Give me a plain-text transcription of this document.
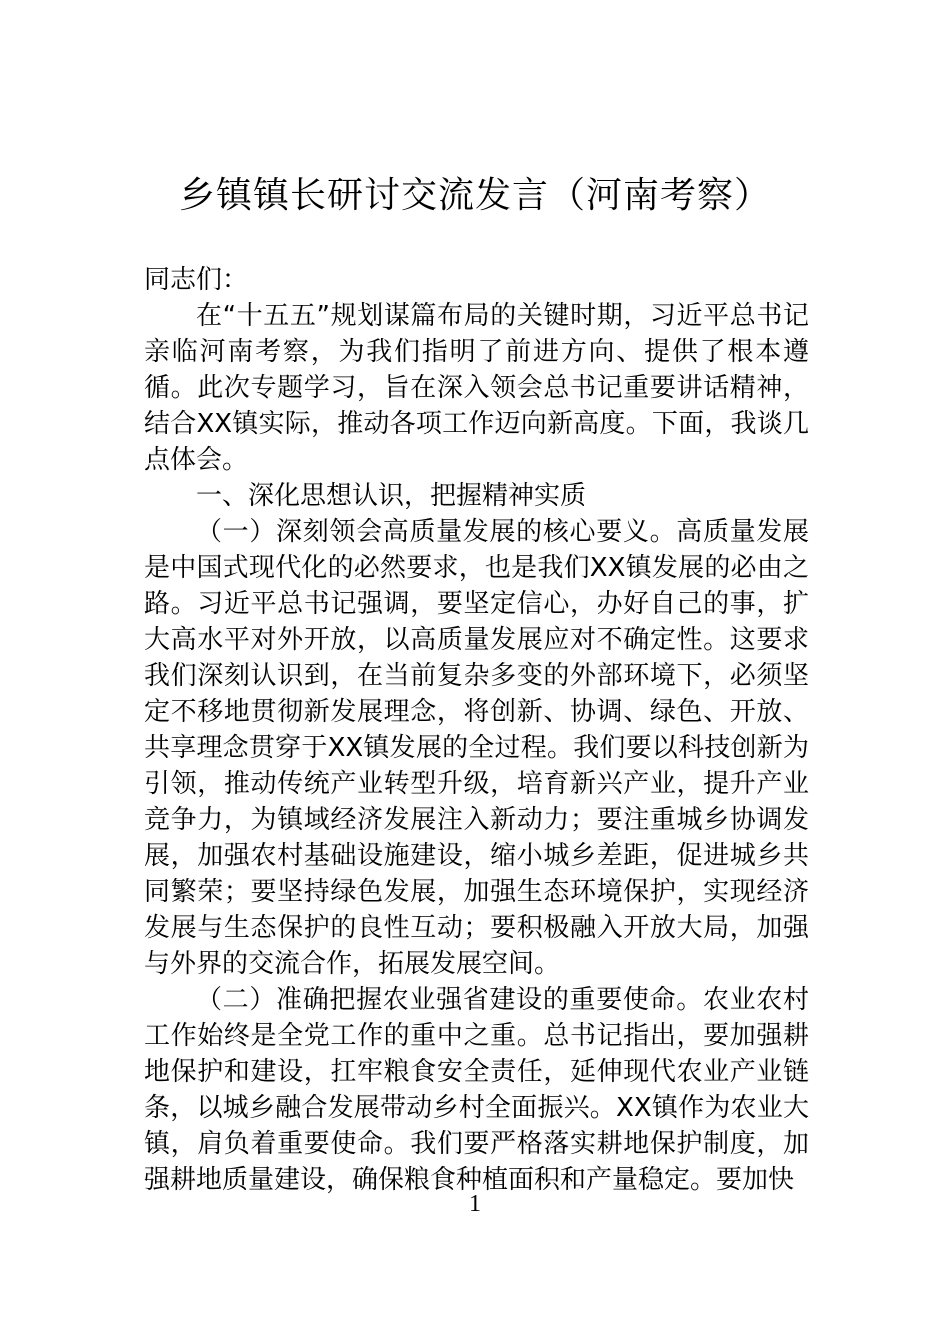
乡镇镇长研讨交流发言（河南考察）

同志们：

在“十五五”规划谋篇布局的关键时期，习近平总书记亲临河南考察，为我们指明了前进方向、提供了根本遵循。此次专题学习，旨在深入领会总书记重要讲话精神，结合XX镇实际，推动各项工作迈向新高度。下面，我谈几点体会。

一、深化思想认识，把握精神实质

（一）深刻领会高质量发展的核心要义。高质量发展是中国式现代化的必然要求，也是我们XX镇发展的必由之路。习近平总书记强调，要坚定信心，办好自己的事，扩大高水平对外开放，以高质量发展应对不确定性。这要求我们深刻认识到，在当前复杂多变的外部环境下，必须坚定不移地贯彻新发展理念，将创新、协调、绿色、开放、共享理念贯穿于XX镇发展的全过程。我们要以科技创新为引领，推动传统产业转型升级，培育新兴产业，提升产业竞争力，为镇域经济发展注入新动力；要注重城乡协调发展，加强农村基础设施建设，缩小城乡差距，促进城乡共同繁荣；要坚持绿色发展，加强生态环境保护，实现经济发展与生态保护的良性互动；要积极融入开放大局，加强与外界的交流合作，拓展发展空间。

（二）准确把握农业强省建设的重要使命。农业农村工作始终是全党工作的重中之重。总书记指出，要加强耕地保护和建设，扛牢粮食安全责任，延伸现代农业产业链条，以城乡融合发展带动乡村全面振兴。XX镇作为农业大镇，肩负着重要使命。我们要严格落实耕地保护制度，加强耕地质量建设，确保粮食种植面积和产量稳定。要加快

1
